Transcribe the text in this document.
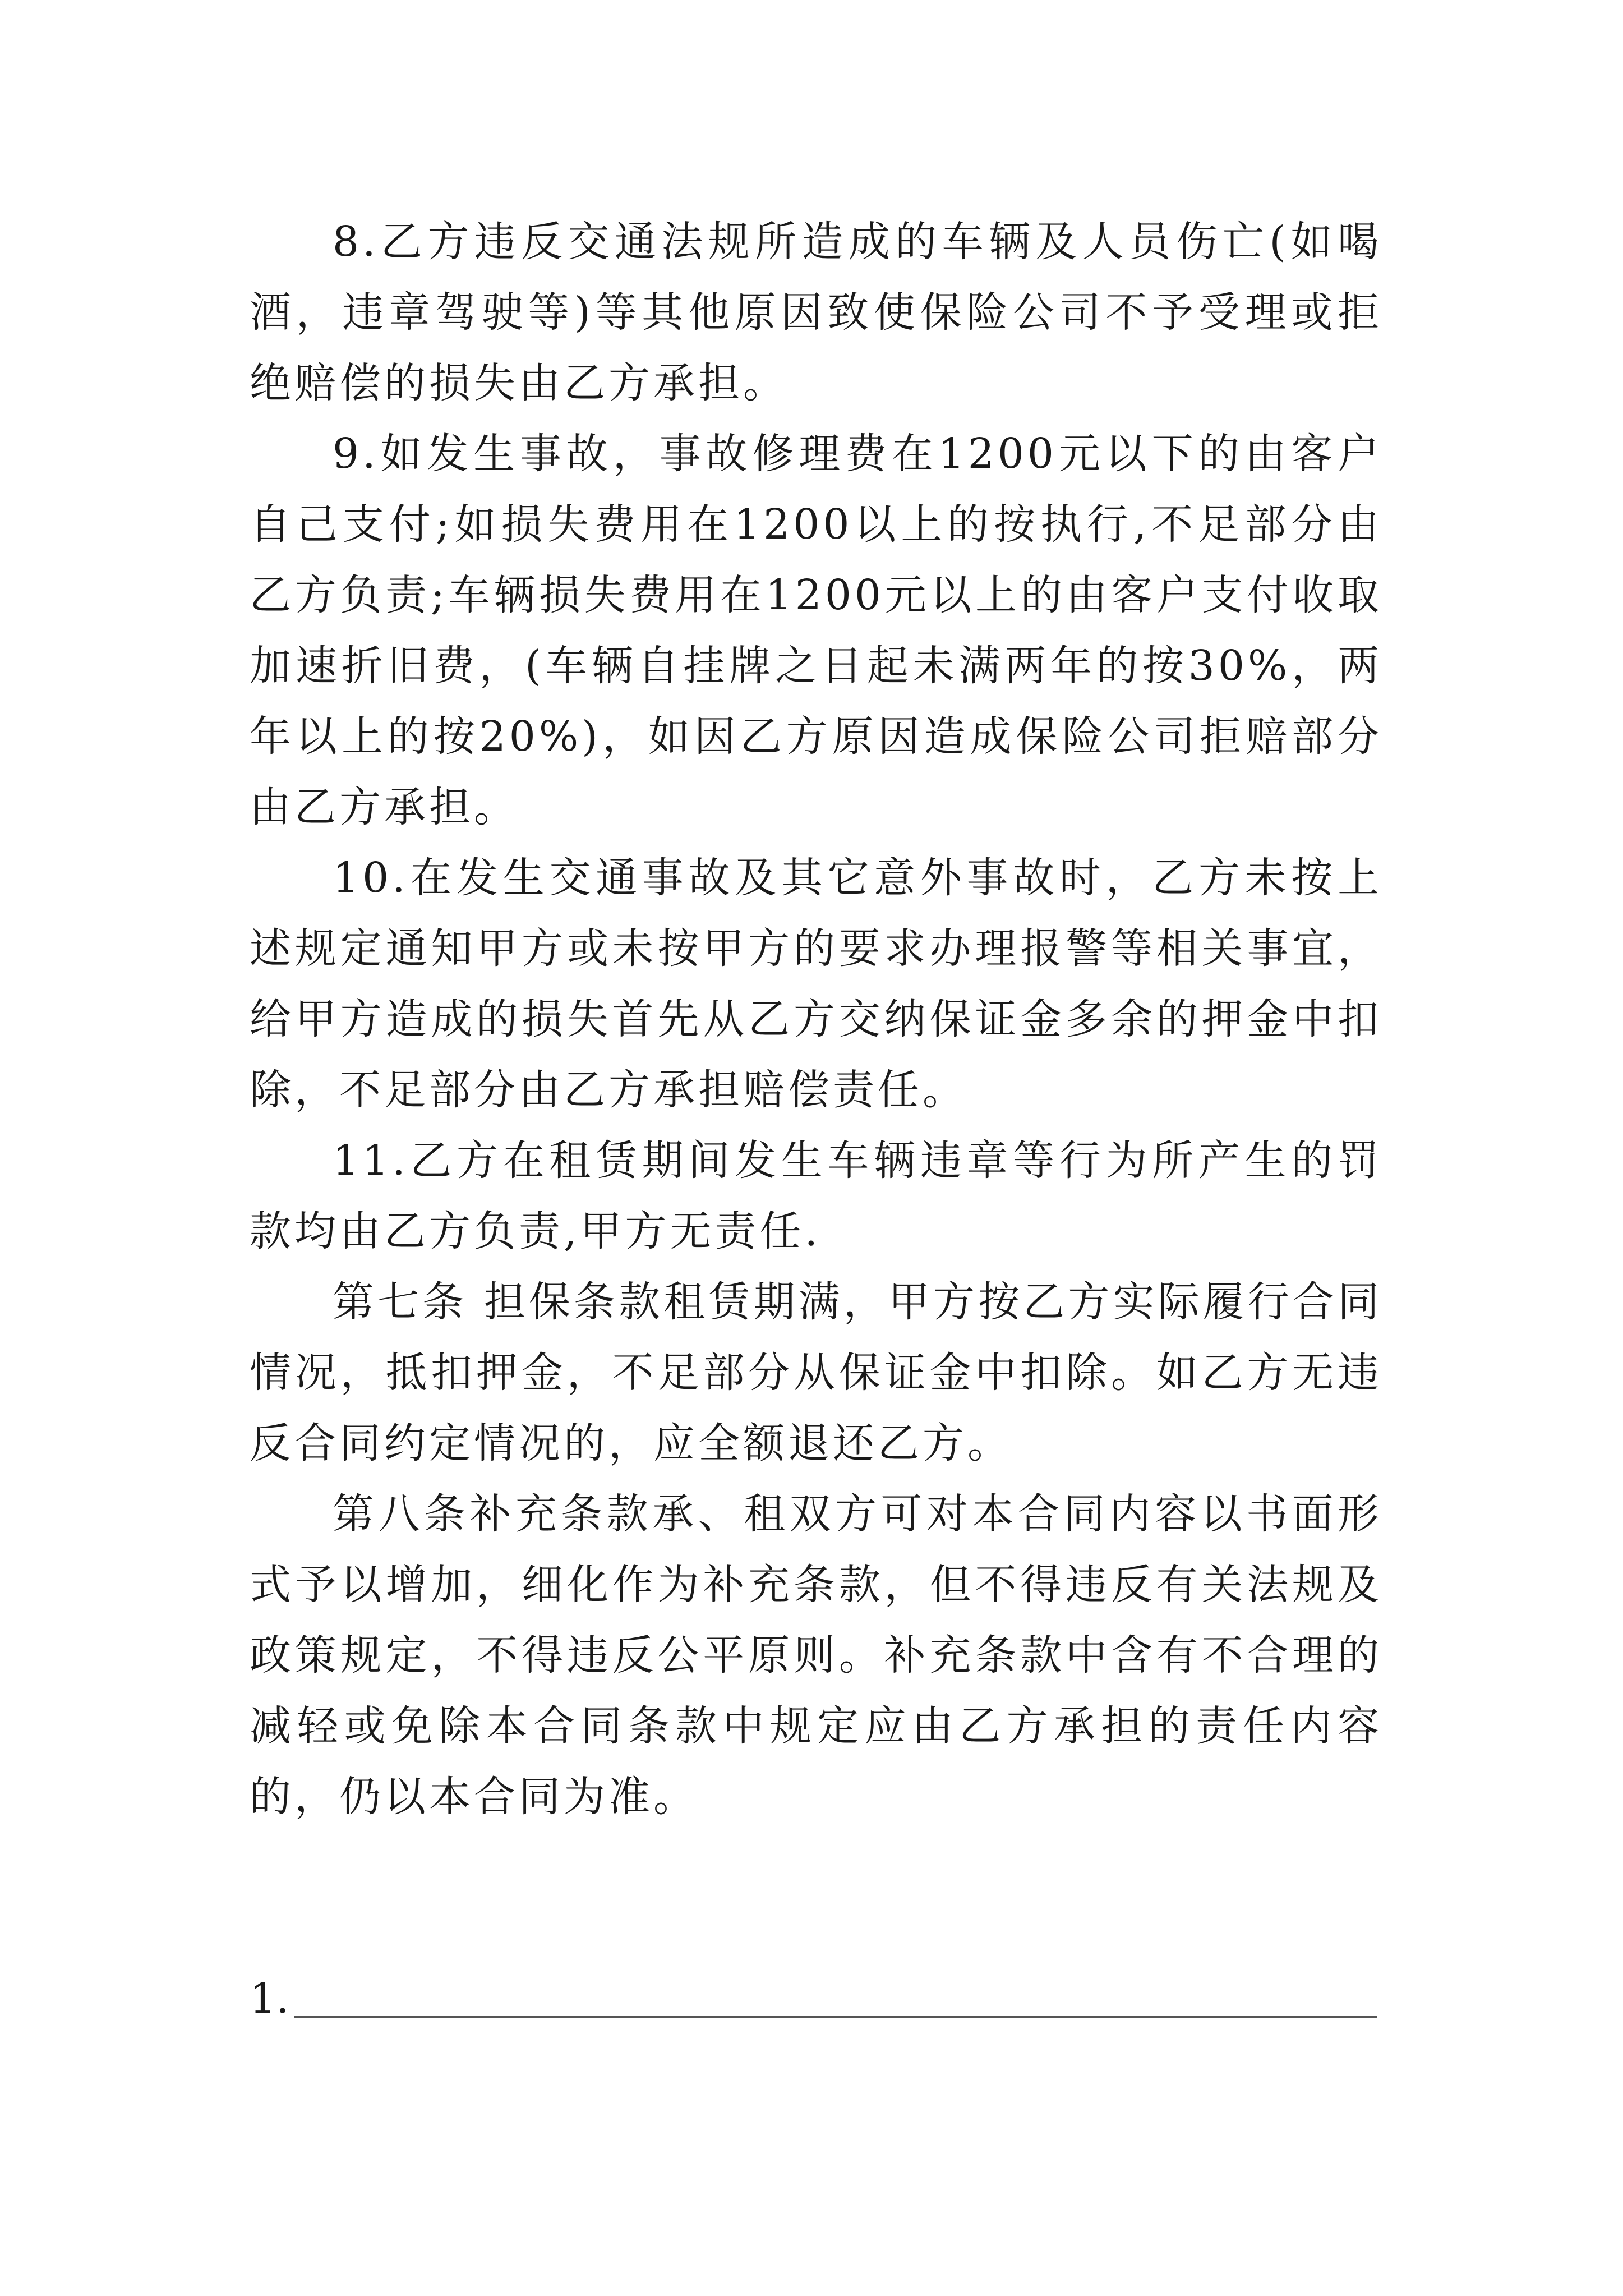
8.乙方违反交通法规所造成的车辆及人员伤亡(如喝酒，违章驾驶等)等其他原因致使保险公司不予受理或拒绝赔偿的损失由乙方承担。

9.如发生事故，事故修理费在1200元以下的由客户自己支付;如损失费用在1200以上的按执行,不足部分由乙方负责;车辆损失费用在1200元以上的由客户支付收取加速折旧费，(车辆自挂牌之日起未满两年的按30%，两年以上的按20%)，如因乙方原因造成保险公司拒赔部分由乙方承担。

10.在发生交通事故及其它意外事故时，乙方未按上述规定通知甲方或未按甲方的要求办理报警等相关事宜，给甲方造成的损失首先从乙方交纳保证金多余的押金中扣除，不足部分由乙方承担赔偿责任。

11.乙方在租赁期间发生车辆违章等行为所产生的罚款均由乙方负责,甲方无责任.

第七条 担保条款租赁期满，甲方按乙方实际履行合同情况，抵扣押金，不足部分从保证金中扣除。如乙方无违反合同约定情况的，应全额退还乙方。

第八条补充条款承、租双方可对本合同内容以书面形式予以增加，细化作为补充条款，但不得违反有关法规及政策规定，不得违反公平原则。补充条款中含有不合理的减轻或免除本合同条款中规定应由乙方承担的责任内容的，仍以本合同为准。

1.
